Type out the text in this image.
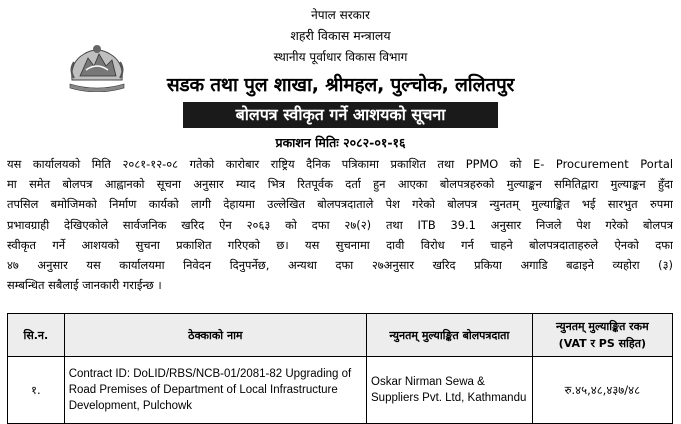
नेपाल सरकार
शहरी विकास मन्त्रालय
स्थानीय पूर्वाधार विकास विभाग
सडक तथा पुल शाखा, श्रीमहल, पुल्चोक, ललितपुर
बोलपत्र स्वीकृत गर्ने आशयको सूचना
प्रकाशन मितिः २०८२-०१-१६
यस कार्यालयको मिति २०८१-१२-०८ गतेको कारोबार राष्ट्रिय दैनिक पत्रिकामा प्रकाशित तथा PPMO को E- Procurement Portal
मा समेत बोलपत्र आह्वानको सूचना अनुसार म्याद भित्र रितपूर्वक दर्ता हुन आएका बोलपत्रहरुको मुल्याङ्कन समितिद्वारा मुल्याङ्कन हुँदा
तपसिल बमोजिमको निर्माण कार्यको लागी देहायमा उल्लेखित बोलपत्रदाताले पेश गरेको बोलपत्र न्युनतम् मुल्याङ्कित भई सारभुत रुपमा
प्रभावग्राही देखिएकोले सार्वजनिक खरिद ऐन २०६३ को दफा २७(२) तथा ITB 39.1 अनुसार निजले पेश गरेको बोलपत्र
स्वीकृत गर्ने आशयको सुचना प्रकाशित गरिएको छ। यस सुचनामा दावी विरोध गर्न चाहने बोलपत्रदाताहरुले ऐनको दफा
४७ अनुसार यस कार्यालयमा निवेदन दिनुपर्नेछ, अन्यथा दफा २७अनुसार खरिद प्रकिया अगाडि बढाइने व्यहोरा (३)
सम्बन्धित सबैलाई जानकारी गराईन्छ ।
सि.न.	ठेक्काको नाम	न्युनतम् मुल्याङ्कित बोलपत्रदाता	न्युनतम् मुल्याङ्कित रकम
(VAT र PS सहित)
१.	Contract ID: DoLID/RBS/NCB-01/2081-82 Upgrading of Road Premises of Department of Local Infrastructure Development, Pulchowk	Oskar Nirman Sewa & Suppliers Pvt. Ltd, Kathmandu	रु.४५,४८,४३७/४८
